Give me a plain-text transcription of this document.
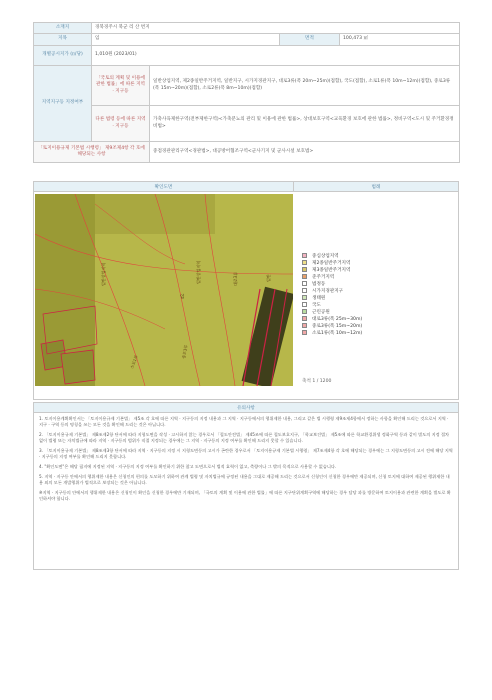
소재지	경북경주시 북군 리 산 번지			
지목	임		면적	100,473 ㎡
개별공시지가 (㎡당)	1,010원 (2023/01)			
지역지구등 지정여부	「국토의 계획 및 이용에 관한 법률」에 따른 지역 · 지구등	일반상업지역, 제2종일반주거지역, 일반지구, 시가지경관지구, 대로3류(폭 20m~25m)(접함), 국도(접함), 소로1류(폭 10m~12m)(접함), 중로3류(폭 15m~20m)(접함), 소로2류(폭 8m~10m)(접함)		
	다른 법령 등에 따른 지역 · 지구등	가축사육제한구역(전부제한구역)<가축분뇨의 관리 및 이용에 관한 법률>, 상대보호구역<교육환경 보호에 관한 법률>, 정비구역<도시 및 주거환경정비법>		
「토지이용규제 기본법 시행령」 제9조제4항 각 호에 해당되는 사항		중점경관관리구역<경관법>, 대공방어협조구역<군사기지 및 군사시설 보호법>		
확인도면	범례
일반상업지역	일반상업지역	대로3류	일반
소로1류
중로3류
임
중심상업지역
제2종일반주거지역
제3종일반주거지역
준주거지역
법정동
시가지경관지구
생태원
국도
근린공원
대로3류(폭 25m~30m)
중로3류(폭 15m~20m)
소로1류(폭 10m~12m)
축척 1 / 1200
유의사항

1. 토지이용계획확인서는 「토지이용규제 기본법」 제5조 각 호에 따른 지역 · 지구등의 지정 내용과 그 지역 · 지구등에서의 행위제한 내용, 그리고 같은 법 시행령 제9조제4항에서 정하는 사항을 확인해 드리는 것으로서 지역 · 지구 · 구역 등의 명칭을 쓰는 모든 것을 확인해 드리는 것은 아닙니다.

2. 「토지이용규제 기본법」 제8조제2항 단서에 따라 지형도면을 작성 · 고시하지 않는 경우로서 「철도안전법」 제45조에 따른 철도보호지구, 「학교보건법」 제5조에 따른 학교환경위생 정화구역 등과 같이 별도의 지정 절차 없이 법령 또는 자치법규에 따라 지역 · 지구등의 범위가 직접 지정되는 경우에는 그 지역 · 지구등의 지정 여부를 확인해 드리지 못할 수 있습니다.

3. 「토지이용규제 기본법」 제8조제3항 단서에 따라 지역 · 지구등의 지정 시 지형도면등의 고시가 곤란한 경우로서 「토지이용규제 기본법 시행령」 제7조제4항 각 호에 해당되는 경우에는 그 지형도면등의 고시 전에 해당 지역 · 지구등의 지정 여부를 확인해 드리지 못합니다.

4. "확인도면"은 해당 필지에 지정된 지역 · 지구등의 지정 여부를 확인하기 위한 참고 도면으로서 법적 효력이 없고, 측량이나 그 밖의 목적으로 사용할 수 없습니다.

5. 지역 · 지구등 안에서의 행위제한 내용은 신청인의 편의를 도모하기 위하여 관계 법령 및 자치법규에 규정된 내용을 그대로 제공해 드리는 것으로서 신청인이 신청한 경우에만 제공되며, 신청 토지에 대하여 제공된 행위제한 내용 외의 모든 개발행위가 법적으로 보장되는 것은 아닙니다.

※지역 · 지구등의 안에서의 행위제한 내용은 신청인이 확인을 신청한 경우에만 기재되며, 「국토의 계획 및 이용에 관한 법률」에 따른 지구단위계획구역에 해당하는 경우 담당 과를 방문하여 토지이용과 관련한 계획을 별도로 확인하셔야 합니다.
